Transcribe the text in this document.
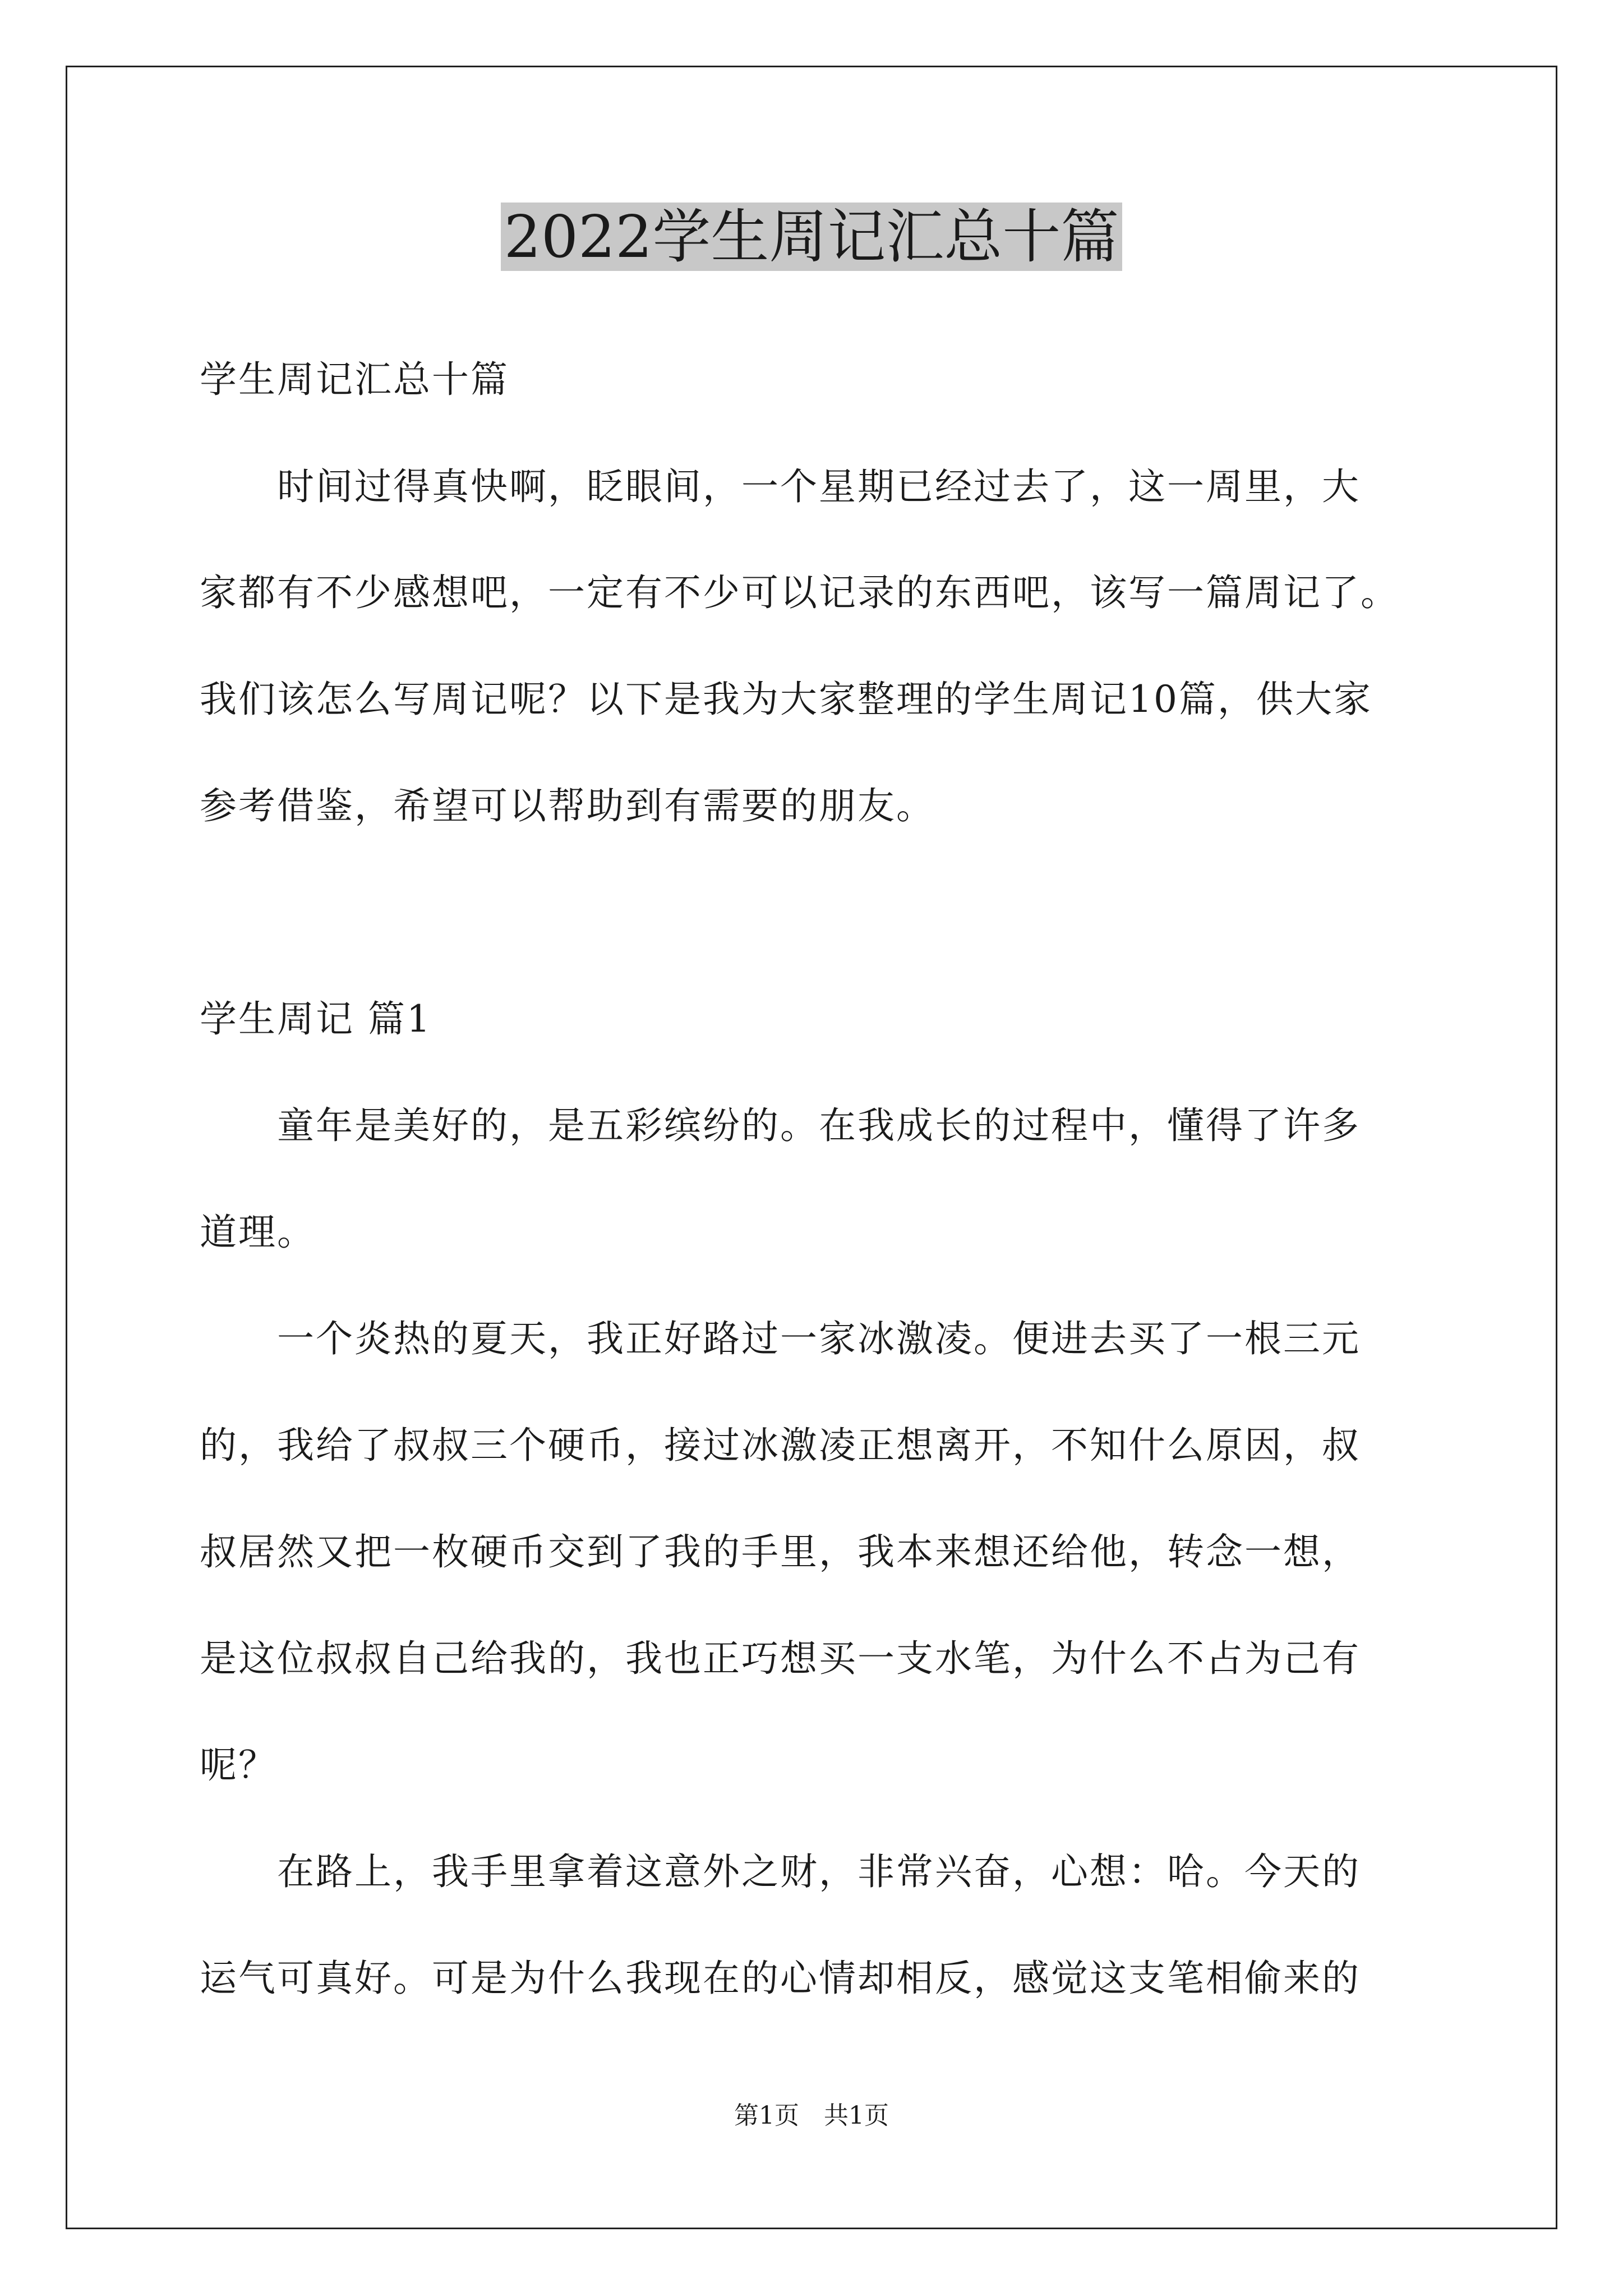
2022学生周记汇总十篇
学生周记汇总十篇
　　时间过得真快啊，眨眼间，一个星期已经过去了，这一周里，大
家都有不少感想吧，一定有不少可以记录的东西吧，该写一篇周记了。
我们该怎么写周记呢？以下是我为大家整理的学生周记10篇，供大家
参考借鉴，希望可以帮助到有需要的朋友。
学生周记 篇1
　　童年是美好的，是五彩缤纷的。在我成长的过程中，懂得了许多
道理。
　　一个炎热的夏天，我正好路过一家冰激凌。便进去买了一根三元
的，我给了叔叔三个硬币，接过冰激凌正想离开，不知什么原因，叔
叔居然又把一枚硬币交到了我的手里，我本来想还给他，转念一想，
是这位叔叔自己给我的，我也正巧想买一支水笔，为什么不占为己有
呢？
　　在路上，我手里拿着这意外之财，非常兴奋，心想：哈。今天的
运气可真好。可是为什么我现在的心情却相反，感觉这支笔相偷来的
第1页　共1页
